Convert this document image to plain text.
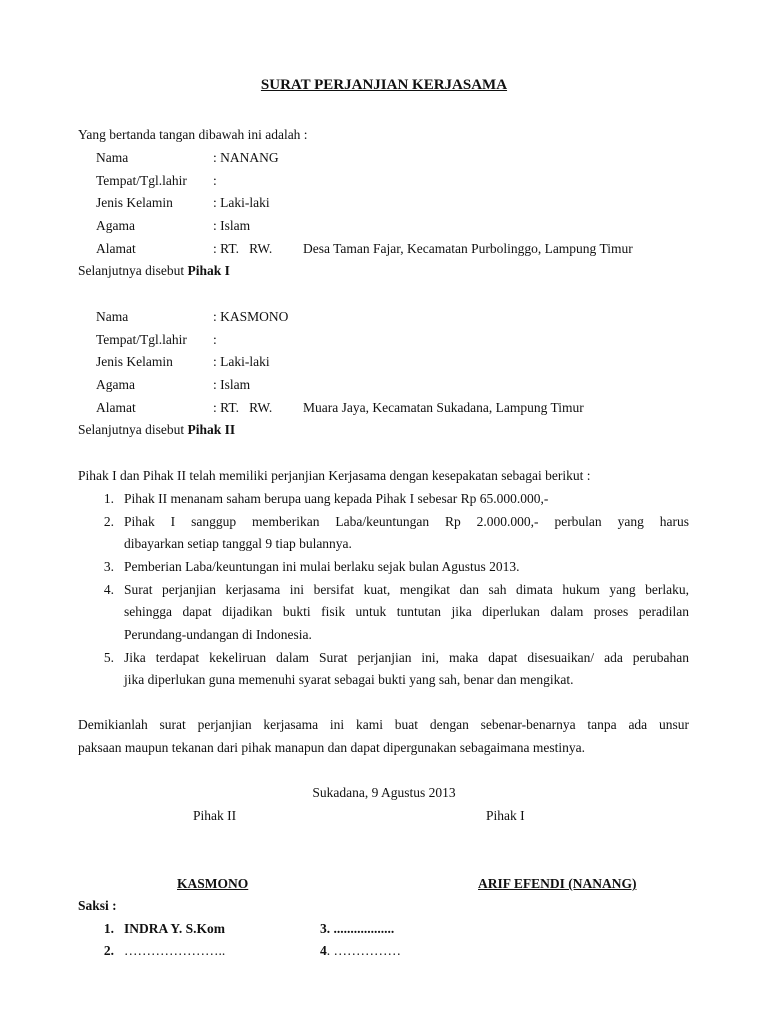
SURAT PERJANJIAN KERJASAMA
Yang bertanda tangan dibawah ini adalah :
Nama	: NANANG
Tempat/Tgl.lahir :
Jenis Kelamin	: Laki-laki
Agama	: Islam
Alamat	: RT.   RW. Desa Taman Fajar, Kecamatan Purbolinggo, Lampung Timur
Selanjutnya disebut Pihak I
Nama	: KASMONO
Tempat/Tgl.lahir :
Jenis Kelamin	: Laki-laki
Agama	: Islam
Alamat	: RT.   RW. Muara Jaya, Kecamatan Sukadana, Lampung Timur
Selanjutnya disebut Pihak II
Pihak I dan Pihak II telah memiliki perjanjian Kerjasama dengan kesepakatan sebagai berikut :
1. Pihak II menanam saham berupa uang kepada Pihak I sebesar Rp 65.000.000,-
2. Pihak I sanggup memberikan Laba/keuntungan Rp 2.000.000,- perbulan yang harus
dibayarkan setiap tanggal 9 tiap bulannya.
3. Pemberian Laba/keuntungan ini mulai berlaku sejak bulan Agustus 2013.
4. Surat perjanjian kerjasama ini bersifat kuat, mengikat dan sah dimata hukum yang berlaku,
sehingga dapat dijadikan bukti fisik untuk tuntutan jika diperlukan dalam proses peradilan
Perundang-undangan di Indonesia.
5. Jika terdapat kekeliruan dalam Surat perjanjian ini, maka dapat disesuaikan/ ada perubahan
jika diperlukan guna memenuhi syarat sebagai bukti yang sah, benar dan mengikat.
Demikianlah surat perjanjian kerjasama ini kami buat dengan sebenar-benarnya tanpa ada unsur
paksaan maupun tekanan dari pihak manapun dan dapat dipergunakan sebagaimana mestinya.
Sukadana, 9 Agustus 2013
Pihak II	Pihak I
KASMONO	ARIF EFENDI (NANANG)
Saksi :
1. INDRA Y. S.Kom	3. ..................
2. …………………..	4. ……………
